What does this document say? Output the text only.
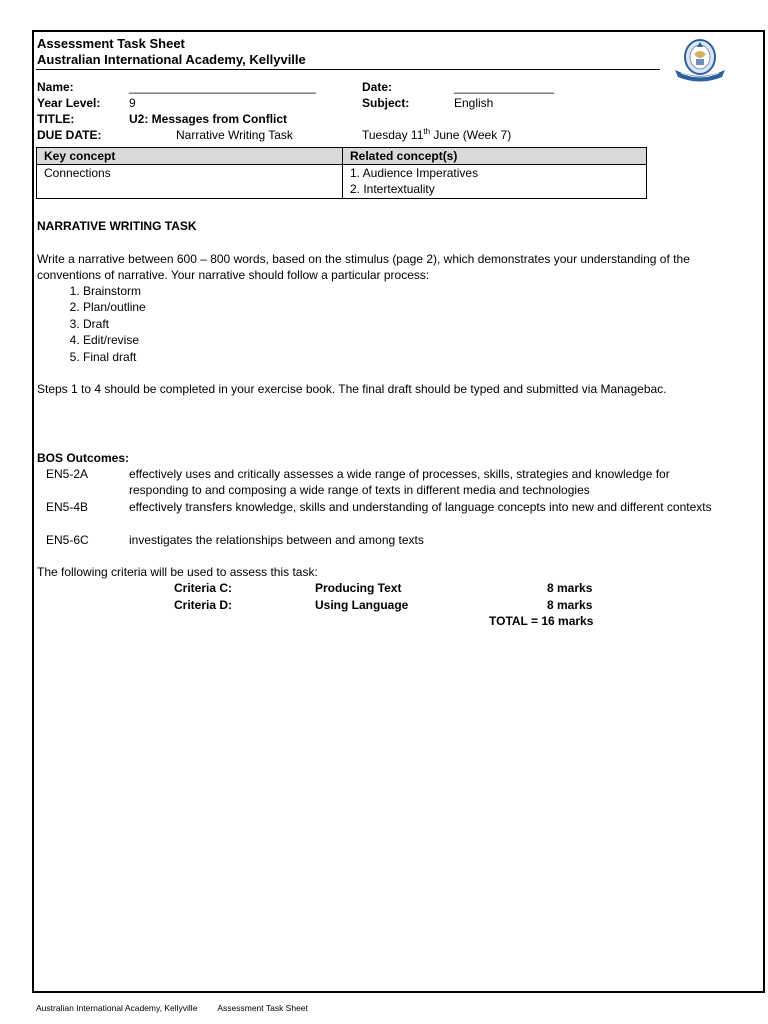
Assessment Task Sheet
Australian International Academy, Kellyville
Name:	____________________________	Date:	_______________
Year Level: 9	Subject:	English
TITLE:	U2: Messages from Conflict
DUE DATE:	Narrative Writing Task	Tuesday 11th June (Week 7)
Key concept	Related concept(s)
Connections	1. Audience Imperatives
2. Intertextuality
NARRATIVE WRITING TASK
Write a narrative between 600 – 800 words, based on the stimulus (page 2), which demonstrates your understanding of the conventions of narrative. Your narrative should follow a particular process:
1. Brainstorm
2. Plan/outline
3. Draft
4. Edit/revise
5. Final draft
Steps 1 to 4 should be completed in your exercise book. The final draft should be typed and submitted via Managebac.
BOS Outcomes:
EN5-2A	effectively uses and critically assesses a wide range of processes, skills, strategies and knowledge for responding to and composing a wide range of texts in different media and technologies
EN5-4B	effectively transfers knowledge, skills and understanding of language concepts into new and different contexts
EN5-6C	investigates the relationships between and among texts
The following criteria will be used to assess this task:
Criteria C:	Producing Text	8 marks
Criteria D:	Using Language	8 marks
TOTAL = 16 marks
Australian International Academy, Kellyville Assessment Task Sheet
